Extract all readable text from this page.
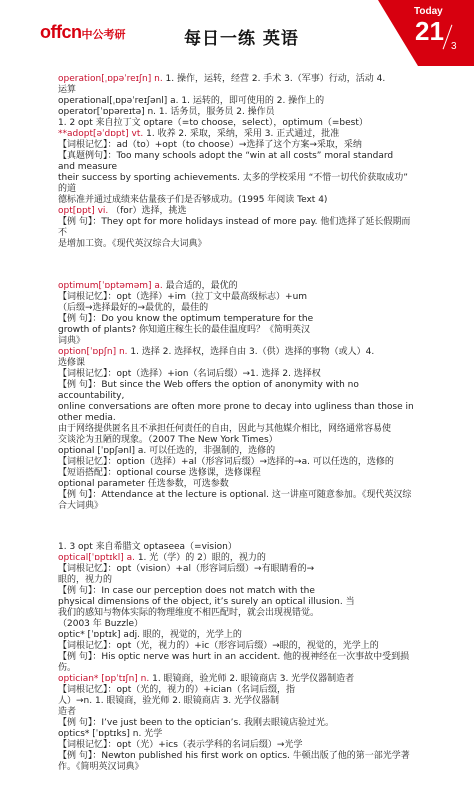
offcn中公考研	每日一练 英语
Today
21
3
operation[ˌɒpəˈreɪʃn] n. 1. 操作，运转，经营 2. 手术 3.（军事）行动，活动 4.
运算
operational[ˌɒpəˈreɪʃənl] a. 1. 运转的，即可使用的 2. 操作上的
operator[ˈɒpəreɪtə] n. 1. 话务员，服务员 2. 操作员
1. 2 opt 来自拉丁文 optare（=to choose，select），optimum（=best）
**adopt[əˈdɒpt] vt. 1. 收养 2. 采取，采纳，采用 3. 正式通过，批准
【词根记忆】：ad（to）+opt（to choose）→选择了这个方案→采取，采纳
【真题例句】：Too many schools adopt the “win at all costs” moral standard
and measure
their success by sporting achievements. 太多的学校采用 “不惜一切代价获取成功”
的道
德标准并通过成绩来估量孩子们是否够成功。(1995 年阅读 Text 4)
opt[ɒpt] vi. （for）选择，挑选
【例 句】：They opt for more holidays instead of more pay. 他们选择了延长假期而
不
是增加工资。《现代英汉综合大词典》
optimum[ˈɒptəməm] a. 最合适的，最优的
【词根记忆】：opt（选择）+im（拉丁文中最高级标志）+um
（后缀→选择最好的→最优的，最佳的
【例 句】：Do you know the optimum temperature for the
growth of plants? 你知道庄稼生长的最佳温度吗？《简明英汉
词典》
option[ˈɒpʃn] n. 1. 选择 2. 选择权，选择自由 3.（供）选择的事物（或人）4.
选修课
【词根记忆】：opt（选择）+ion（名词后缀）→1. 选择 2. 选择权
【例 句】：But since the Web offers the option of anonymity with no
accountability,
online conversations are often more prone to decay into ugliness than those in
other media.
由于网络提供匿名且不承担任何责任的自由，因此与其他媒介相比，网络通常容易使
交谈沦为丑陋的现象。（2007 The New York Times）
optional [ˈɒpʃənl] a. 可以任选的，非强制的，选修的
【词根记忆】：option（选择）+al（形容词后缀）→选择的→a. 可以任选的，选修的
【短语搭配】：optional course 选修课，选修课程
optional parameter 任选参数，可选参数
【例 句】：Attendance at the lecture is optional. 这一讲座可随意参加。《现代英汉综
合大词典》
1. 3 opt 来自希腊文 optaseea（=vision）
optical[ˈɒptɪkl] a. 1. 光（学）的 2）眼的，视力的
【词根记忆】：opt（vision）+al（形容词后缀）→有眼睛看的→
眼的，视力的
【例 句】：In case our perception does not match with the
physical dimensions of the object, it’s surely an optical illusion. 当
我们的感知与物体实际的物理维度不相匹配时，就会出现视错觉。
（2003 年 Buzzle）
optic* [ˈɒptɪk] adj. 眼的，视觉的，光学上的
【词根记忆】：opt（光，视力的）+ic（形容词后缀）→眼的，视觉的，光学上的
【例 句】：His optic nerve was hurt in an accident. 他的视神经在一次事故中受到损
伤。
optician* [ɒpˈtɪʃn] n. 1. 眼镜商，验光师 2. 眼镜商店 3. 光学仪器制造者
【词根记忆】：opt（光的，视力的）+ician（名词后缀，指
人）→n. 1. 眼镜商，验光师 2. 眼镜商店 3. 光学仪器制
造者
【例 句】：I’ve just been to the optician’s. 我刚去眼镜店验过光。
optics* [ˈɒptɪks] n. 光学
【词根记忆】：opt（光）+ics（表示学科的名词后缀）→光学
【例 句】：Newton published his first work on optics. 牛顿出版了他的第一部光学著
作。《简明英汉词典》
